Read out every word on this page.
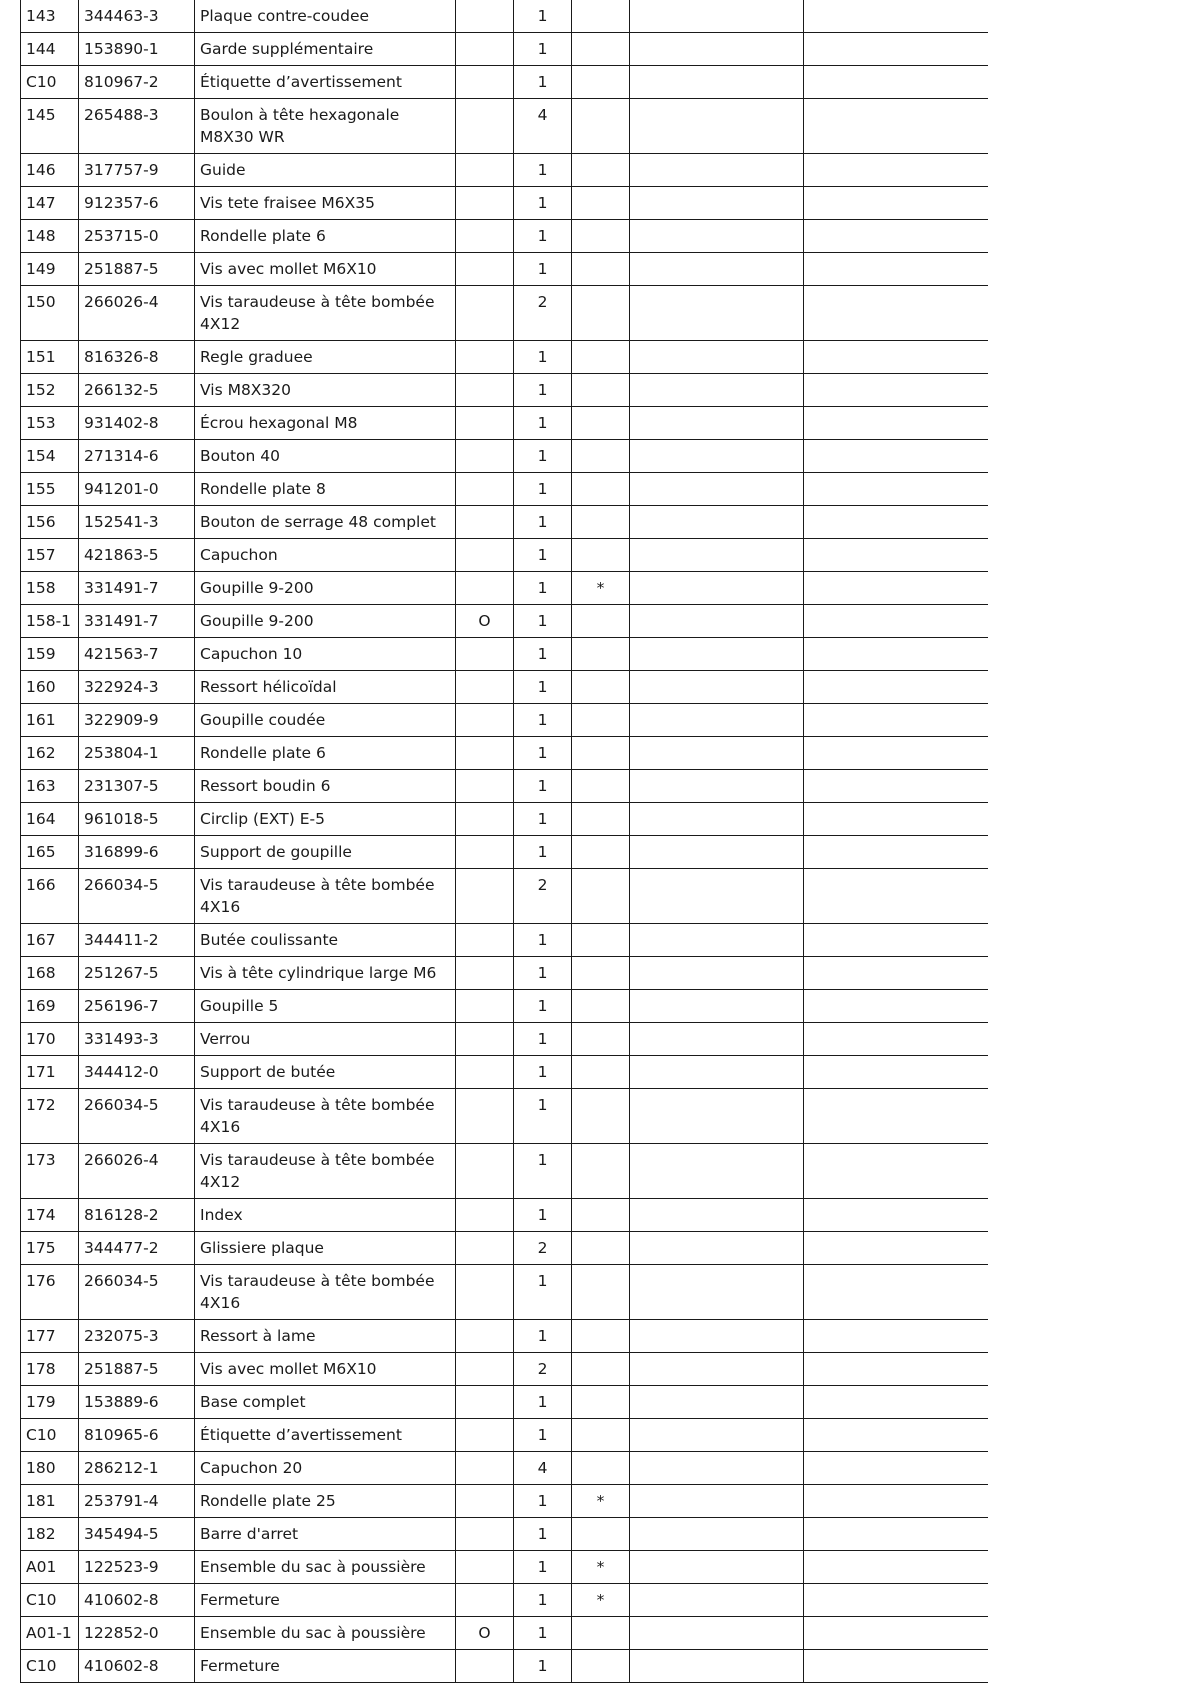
143	344463-3	Plaque contre-coudee		1			
144	153890-1	Garde supplémentaire		1			
C10	810967-2	Étiquette d’avertissement		1			
145	265488-3	Boulon à tête hexagonale M8X30 WR		4			
146	317757-9	Guide		1			
147	912357-6	Vis tete fraisee M6X35		1			
148	253715-0	Rondelle plate 6		1			
149	251887-5	Vis avec mollet M6X10		1			
150	266026-4	Vis taraudeuse à tête bombée 4X12		2			
151	816326-8	Regle graduee		1			
152	266132-5	Vis M8X320		1			
153	931402-8	Écrou hexagonal M8		1			
154	271314-6	Bouton 40		1			
155	941201-0	Rondelle plate 8		1			
156	152541-3	Bouton de serrage 48 complet		1			
157	421863-5	Capuchon		1			
158	331491-7	Goupille 9-200		1	*		
158-1	331491-7	Goupille 9-200	O	1			
159	421563-7	Capuchon 10		1			
160	322924-3	Ressort hélicoïdal		1			
161	322909-9	Goupille coudée		1			
162	253804-1	Rondelle plate 6		1			
163	231307-5	Ressort boudin 6		1			
164	961018-5	Circlip (EXT) E-5		1			
165	316899-6	Support de goupille		1			
166	266034-5	Vis taraudeuse à tête bombée 4X16		2			
167	344411-2	Butée coulissante		1			
168	251267-5	Vis à tête cylindrique large M6		1			
169	256196-7	Goupille 5		1			
170	331493-3	Verrou		1			
171	344412-0	Support de butée		1			
172	266034-5	Vis taraudeuse à tête bombée 4X16		1			
173	266026-4	Vis taraudeuse à tête bombée 4X12		1			
174	816128-2	Index		1			
175	344477-2	Glissiere plaque		2			
176	266034-5	Vis taraudeuse à tête bombée 4X16		1			
177	232075-3	Ressort à lame		1			
178	251887-5	Vis avec mollet M6X10		2			
179	153889-6	Base complet		1			
C10	810965-6	Étiquette d’avertissement		1			
180	286212-1	Capuchon 20		4			
181	253791-4	Rondelle plate 25		1	*		
182	345494-5	Barre d'arret		1			
A01	122523-9	Ensemble du sac à poussière		1	*		
C10	410602-8	Fermeture		1	*		
A01-1	122852-0	Ensemble du sac à poussière	O	1			
C10	410602-8	Fermeture		1			
